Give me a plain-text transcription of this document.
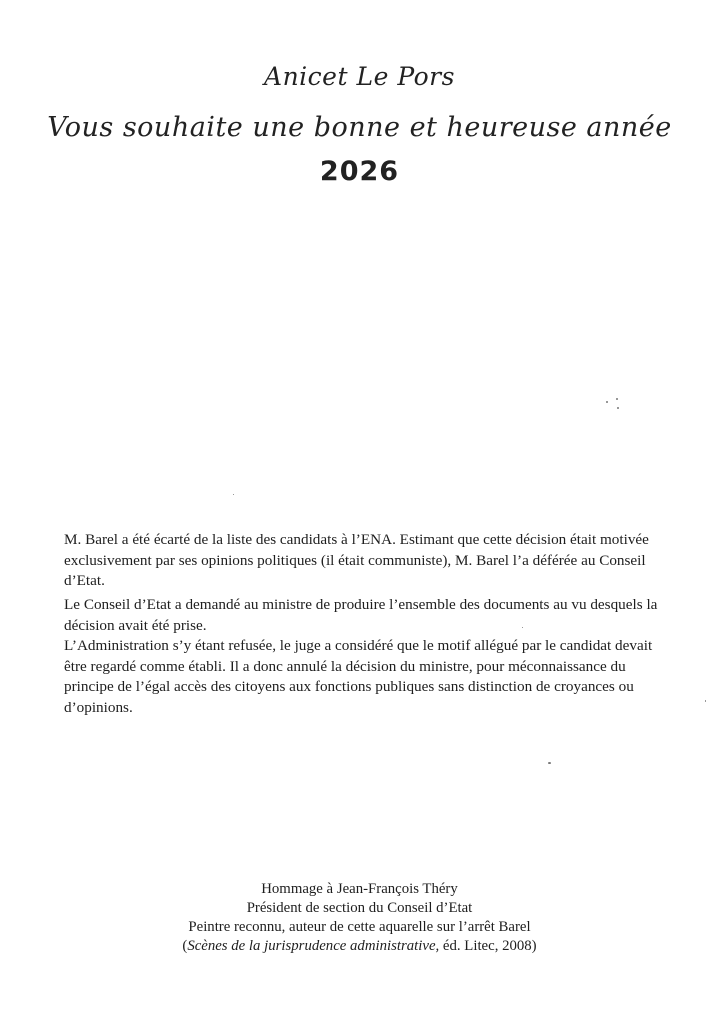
Anicet Le Pors
Vous souhaite une bonne et heureuse année
2026

M. Barel a été écarté de la liste des candidats à l’ENA. Estimant que cette décision était motivée exclusivement par ses opinions politiques (il était communiste), M. Barel l’a déférée au Conseil d’Etat.

Le Conseil d’Etat a demandé au ministre de produire l’ensemble des documents au vu desquels la décision avait été prise.

L’Administration s’y étant refusée, le juge a considéré que le motif allégué par le candidat devait être regardé comme établi. Il a donc annulé la décision du ministre, pour méconnaissance du principe de l’égal accès des citoyens aux fonctions publiques sans distinction de croyances ou d’opinions.

Hommage à Jean-François Théry
Président de section du Conseil d’Etat
Peintre reconnu, auteur de cette aquarelle sur l’arrêt Barel
(Scènes de la jurisprudence administrative, éd. Litec, 2008)
